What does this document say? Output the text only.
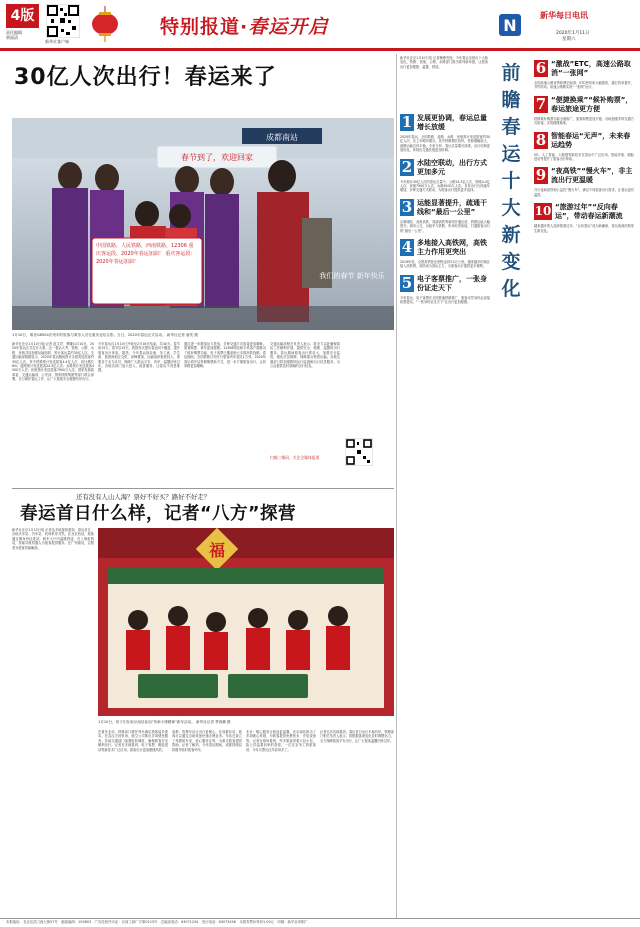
4版
责任编辑
黄丽清
新华社客户端
特别报道·春运开启	N
新华每日电讯
2020年1月11日
星期六
30亿人次出行！春运来了
成都南站
春节到了，欢迎回家
中国铁路，人民铁路，西南铁路，12306 重庆客运段，2020年春运加油！ 重庆客运段：2020年春运加油！
我们的春节 新年快乐
1月10日，乘坐G8504次列车的旅客与乘务人员在重庆北站合影。当日，2020年春运正式启动。 新华社记者 唐奕 摄
新华社北京1月10日电(记者 赵文君、樊曦)1月10日，2020年春运正式拉开大幕。这一春运大考，铁路、公路、水路、民航共同加强运输组织，预计客运量约30亿人次。交通运输部数据显示，2020年春运期间预计全国发送旅客约30亿人次，其中铁路预计发送旅客4.4亿人次，同比增长8%；道路预计发送旅客24.3亿人次；水路预计发送旅客4500万人次；民航预计发送旅客7900万人次。国家发展改革委、交通运输部、公安部、国家铁路集团等部门联合部署，全力做好春运工作，让广大旅客安全便捷有序出行。
今年春运自1月10日开始至2月18日结束，共40天。春节前15天，春节后25天。我国首次提出春运四个覆盖，提升旅客出行体验。据悉，今年春运探亲流、务工流、学生流、旅游流相互交织，高峰叠加，运输组织难度较大，需要各方全力应对，保障广大群众平安、有序、温馨回家过年。各地各部门加大投入，改善服务，让春运不再是难题。
通过进一步增加运力投放，多种交通方式衔接更加顺畅，旅客购票、乘车更加便捷。12306网站和手机客户端推出了候补购票功能，电子客票已覆盖绝大多数高铁线路。春运期间，全国铁路日均开行旅客列车超过1万列。2020年春运将开启铁路购票新方式，进一步方便旅客出行，让回家路更加顺畅。
交通运输部相关负责人表示，将全力以赴确保春运工作顺利开展，提供安全、便捷、温馨的出行服务。春运期间旅客出行需求大，加强安全监管，强化应急保障，保障重点物资运输。各地交通部门将加强路网运行监测和出行信息服务，为公众提供及时准确的出行信息。
扫描二维码，关注全媒体报道
还有没有人山人海？票好不好买？路好不好走？
春运首日什么样，记者“八方”探营
新华社北京1月10日电 记者从多地探营看到，春运首日，各地火车站、汽车站、机场秩序井然。在北京西站，旅客通过刷身份证进站，候车大厅内温暖舒适。在上海虹桥站，智能导航机器人为旅客提供服务。在广州南站，志愿者为旅客答疑解惑。	福
1月10日，孩子们在南京南站参加“传承小康精神”新年活动。 新华社记者 季春鹏 摄
在重庆北站，铁路部门增开列车满足旅客返乡需求。在武汉天河机场，航空公司推出多项便民服务。各地交通部门加强组织调度，确保旅客安全顺利出行。记者在多地看到，电子客票、刷脸进站等新技术广泛应用，旅客出行更加便捷高效。
成都：智慧车站让出行更暖心。在成都东站，旅客可以通过自助设备快速办理业务。车站还设立了母婴候车室、爱心服务区等，为重点旅客提供帮助。记者了解到，今年春运期间，成都铁路局将增开临时旅客列车。
北京：暖心服务让旅途更温馨。北京南站推出了多项暖心举措，为旅客提供免费热水、充电设备等。记者在现场看到，许多旅客带着大包小包，脸上洋溢着回家的喜悦。一位在京务工的旅客说：今年买票比往年容易多了。
记者走访各地看到，春运首日运行平稳有序。铁路部门相关负责人表示，将根据客流变化及时调整运力，全力保障旅客平安出行，让广大旅客温馨回家过年。
新华社北京1月10日电 记者梳理发现，今年春运呈现出十大新变化。铁路、民航、公路、水路部门推出系列新举措，让旅客出行更加便捷、温馨、舒适。	前瞻春运十大新变化
1 发展更协调，春运总量增长放缓
2020年春运，全国铁路、道路、水路、民航预计发送旅客约30亿人次，比上年略有增长。其中铁路增长较快，民航增幅较大，道路运输总体平稳。专家分析，春运总量增长放缓，出行结构更加优化，体现出交通发展更加协调。
2 水陆空联动，出行方式更加多元
今年预计30亿人次的春运总量中，公路24.3亿人次，铁路4.4亿人次，民航7900万人次，水路4500万人次。自驾出行比例逐年增加，多种交通方式联动，为旅客出行提供更多选择。
3 运能显著提升，疏通干线和“最后一公里”
京雄城际、成贵高铁、郑渝高铁等新线开通运营，铁路运能大幅提升。城市公交、出租车与铁路、机场有效衔接，打通旅客出行的“最后一公里”。
4 多地接入高铁网，高铁主力作用更突出
2019年底，全国高铁营业里程达到3.5万公里。越来越多的地区接入高铁网，高铁成为春运主力，为旅客出行提供更多便利。
5 电子客票推广，一张身份证走天下
今年春运，电子客票在全国普速铁路推广，旅客可凭身份证直接检票进站。“一张身份证走天下”让出行更加便捷。
6 “激战”ETC，高速公路取消“一张网”
全国高速公路省界收费站取消，ETC使用率大幅提高，通行效率提升，节约时间。高速公路网实现“一张网”运行。
7 “便捷换乘”“候补购票”，春运旅途更方便
铁路候补购票功能全面推广，旅客购票更加方便。各地加强多种交通方式衔接，实现便捷换乘。
8 智能春运“无声”，未来春运趋势
5G、人工智能、大数据等新技术在春运中广泛应用，智能导航、刷脸进站等提升了旅客出行体验。
9 “夜高铁”“慢火车”，非主流出行更温暖
开行夜间高铁和公益性“慢火车”，满足不同旅客出行需求，让春运更有温度。
10 “旅游过年”“反向春运”，带动春运新潮流
越来越多的人选择旅游过年，“反向春运”成为新潮流，春运客流结构发生新变化。
本报地址：北京宣武门西大街57号　邮政编码：100803　广告经营许可证：京西工商广字第0123号　总编室电话：63071234　发行电话：63073456　本报零售价每份1.00元　印刷：新华社印刷厂
